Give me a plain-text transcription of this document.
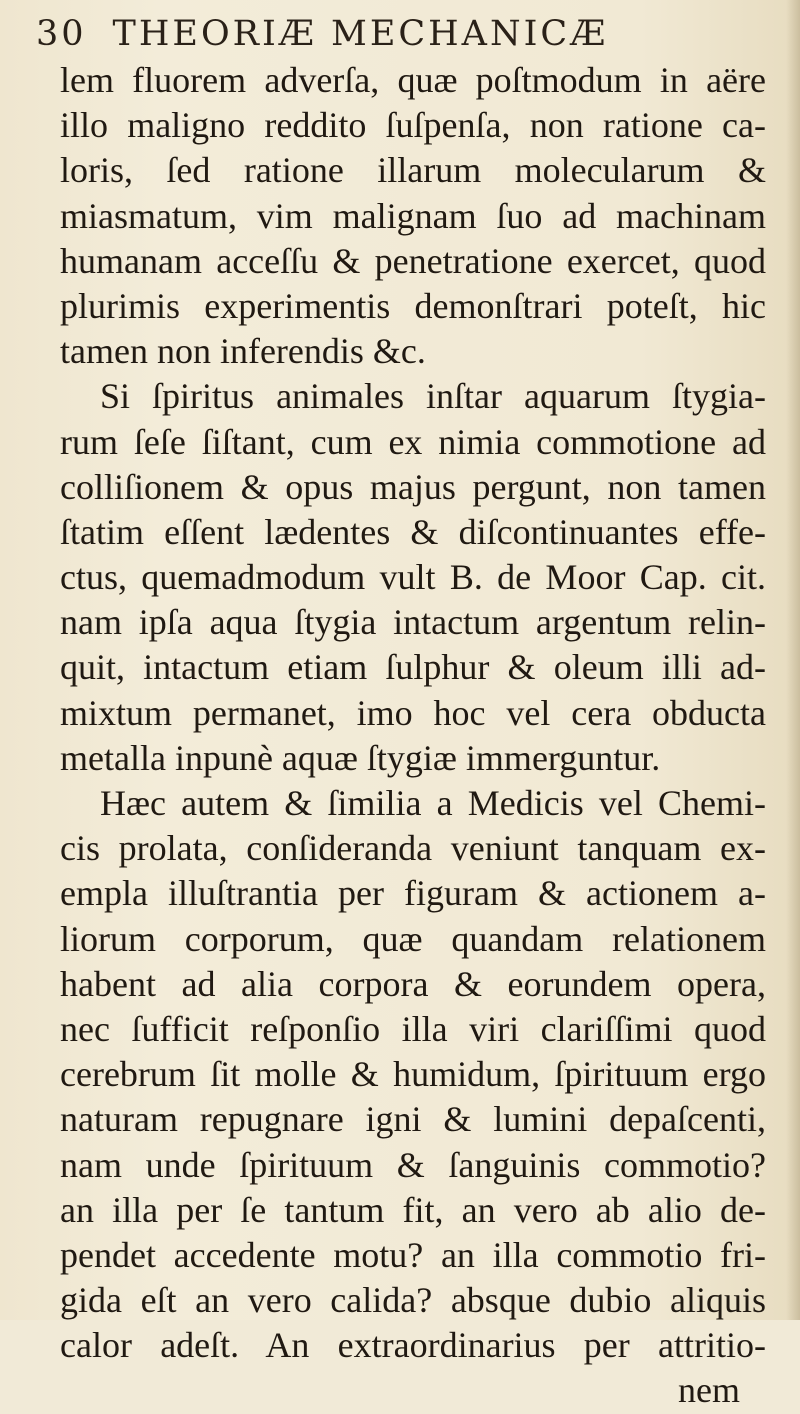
30 THEORIÆ MECHANICÆ
lem fluorem adverſa, quæ poſtmodum in aëre
illo maligno reddito ſuſpenſa, non ratione ca-
loris, ſed ratione illarum molecularum &
miasmatum, vim malignam ſuo ad machinam
humanam acceſſu & penetratione exercet, quod
plurimis experimentis demonſtrari poteſt, hic
tamen non inferendis &c.
Si ſpiritus animales inſtar aquarum ſtygia-
rum ſeſe ſiſtant, cum ex nimia commotione ad
colliſionem & opus majus pergunt, non tamen
ſtatim eſſent lædentes & diſcontinuantes effe-
ctus, quemadmodum vult B. de Moor Cap. cit.
nam ipſa aqua ſtygia intactum argentum relin-
quit, intactum etiam ſulphur & oleum illi ad-
mixtum permanet, imo hoc vel cera obducta
metalla inpunè aquæ ſtygiæ immerguntur.
Hæc autem & ſimilia a Medicis vel Chemi-
cis prolata, conſideranda veniunt tanquam ex-
empla illuſtrantia per figuram & actionem a-
liorum corporum, quæ quandam relationem
habent ad alia corpora & eorundem opera,
nec ſufficit reſponſio illa viri clariſſimi quod
cerebrum ſit molle & humidum, ſpirituum ergo
naturam repugnare igni & lumini depaſcenti,
nam unde ſpirituum & ſanguinis commotio?
an illa per ſe tantum fit, an vero ab alio de-
pendet accedente motu? an illa commotio fri-
gida eſt an vero calida? absque dubio aliquis
calor adeſt. An extraordinarius per attritio-
nem
